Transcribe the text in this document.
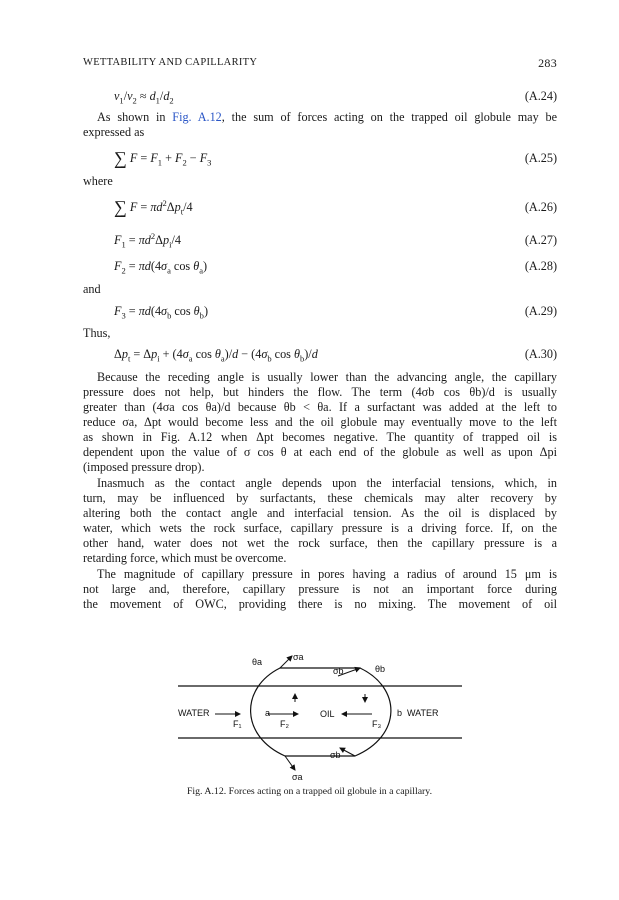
WETTABILITY AND CAPILLARITY	283
$v_1/v_2 \approx d_1/d_2$	(A.24)
As shown in Fig. A.12, the sum of forces acting on the trapped oil globule may be
expressed as
∑ $F = F_1 + F_2 - F_3$	(A.25)
where
∑ $F = \pi d^2\Delta p_t/4$	(A.26)
$F_1 = \pi d^2\Delta p_i/4$	(A.27)
$F_2 = \pi d(4\sigma_a$ $\cos \theta_a$)	(A.28)
and
$F_3 = \pi d(4\sigma_b$ $\cos \theta_b$)	(A.29)
Thus,
$\Delta p_t = \Delta p_i + (4\sigma_a$ $\cos \theta_a)/d - (4\sigma_b$ $\cos \theta_b)/d$	(A.30)
Because the receding angle is usually lower than the advancing angle, the capillary
pressure does not help, but hinders the flow. The term (4σb cos θb)/d is usually
greater than (4σa cos θa)/d because θb < θa. If a surfactant was added at the left to
reduce σa, Δpt would become less and the oil globule may eventually move to the left
as shown in Fig. A.12 when Δpt becomes negative. The quantity of trapped oil is
dependent upon the value of σ cos θ at each end of the globule as well as upon Δpi
(imposed pressure drop).
Inasmuch as the contact angle depends upon the interfacial tensions, which, in
turn, may be influenced by surfactants, these chemicals may alter recovery by
altering both the contact angle and interfacial tension. As the oil is displaced by
water, which wets the rock surface, capillary pressure is a driving force. If, on the
other hand, water does not wet the rock surface, then the capillary pressure is a
retarding force, which must be overcome.
The magnitude of capillary pressure in pores having a radius of around 15 μm is
not large and, therefore, capillary pressure is not an important force during
the movement of OWC, providing there is no mixing. The movement of oil
WATER	WATER
OIL
F₁	F₂	F₃
a	b
θa
θb
σa
σa
σb
σb
Fig. A.12. Forces acting on a trapped oil globule in a capillary.
